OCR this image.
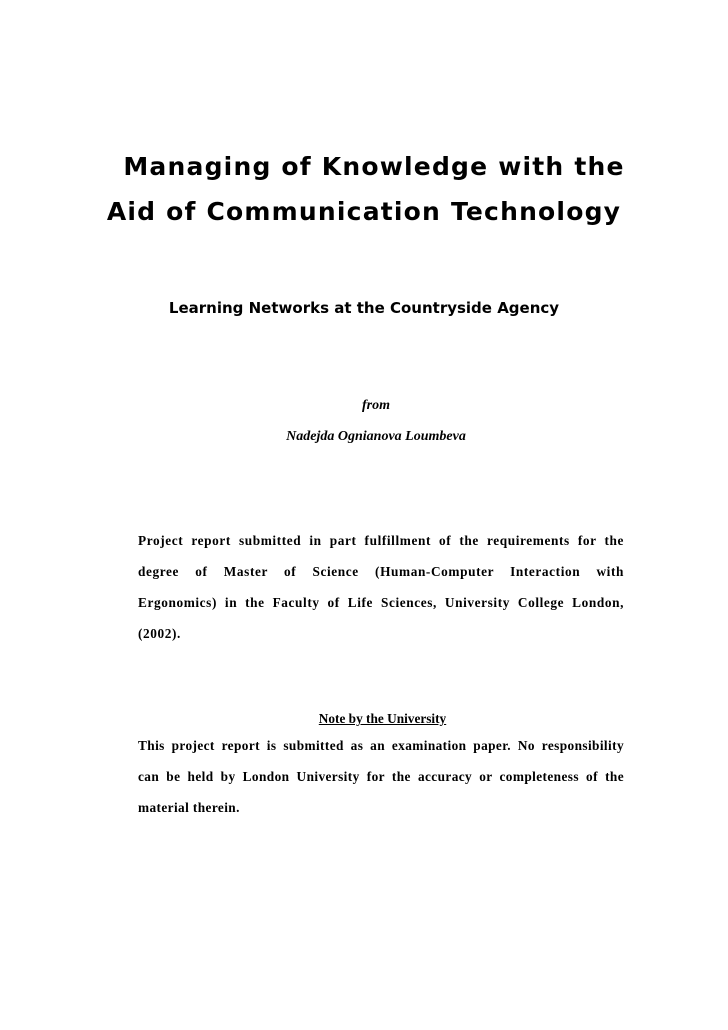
Managing of Knowledge with the
Aid of Communication Technology
Learning Networks at the Countryside Agency
from
Nadejda Ognianova Loumbeva
Project report submitted in part fulfillment of the requirements for the
degree of Master of Science (Human-Computer Interaction with
Ergonomics) in the Faculty of Life Sciences, University College London,
(2002).
Note by the University
This project report is submitted as an examination paper. No responsibility
can be held by London University for the accuracy or completeness of the
material therein.
